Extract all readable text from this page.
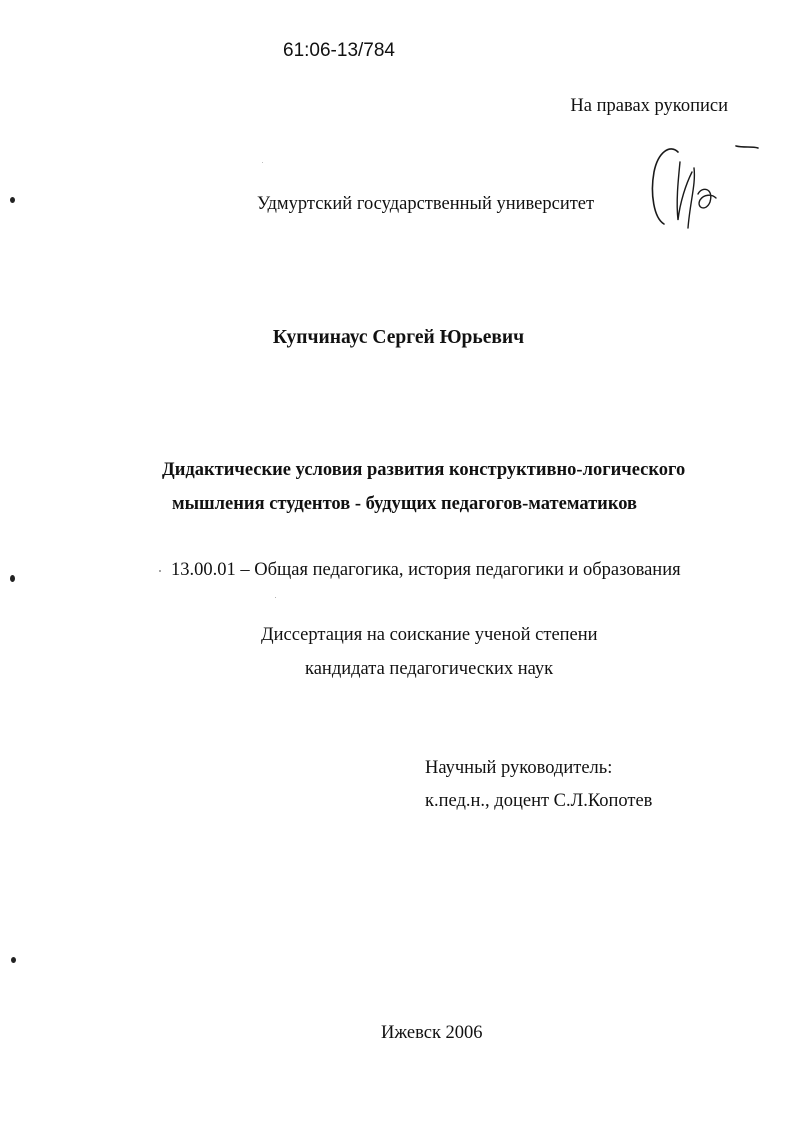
61:06-13/784
На правах рукописи
Удмуртский государственный университет
Купчинаус Сергей Юрьевич
Дидактические условия развития конструктивно-логического
мышления студентов - будущих педагогов-математиков
13.00.01 – Общая педагогика, история педагогики и образования
Диссертация на соискание ученой степени
кандидата педагогических наук
Научный руководитель:
к.пед.н., доцент С.Л.Копотев
Ижевск 2006
